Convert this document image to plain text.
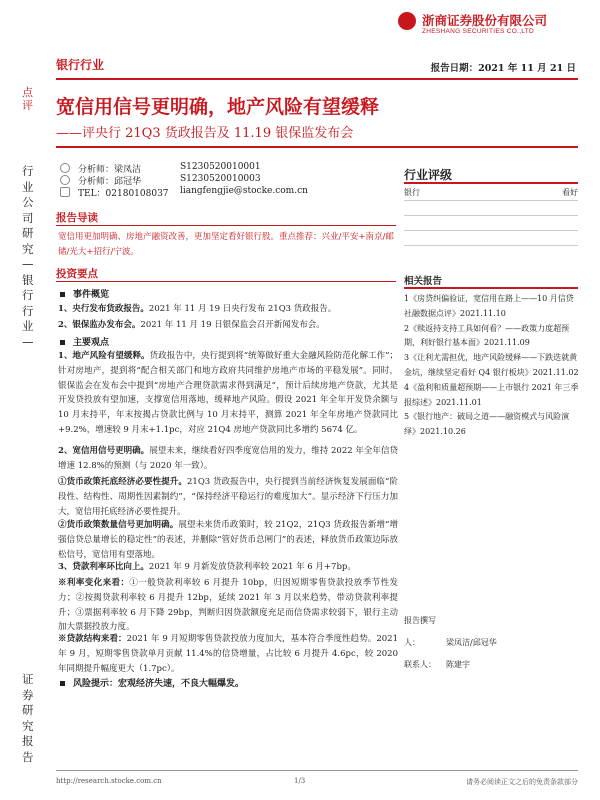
浙商证券股份有限公司
ZHESHANG SECURITIES CO.,LTD
银行行业	报告日期：2021 年 11 月 21 日
点评 宽信用信号更明确，地产风险有望缓释
——评央行 21Q3 货政报告及 11.19 银保监发布会
行业公司研究—银行行业—
证券研究报告
分析师：梁凤洁	S1230520010001
分析师：邱冠华	S1230520010003
TEL：02180108037 liangfengjie@stocke.com.cn
报告导读
宽信用更加明确、房地产融资改善，更加坚定看好银行股。重点推荐：兴业/平安+南京/邮储/光大+招行/宁波。
投资要点
事件概览
1、央行发布货政报告。2021 年 11 月 19 日央行发布 21Q3 货政报告。
2、银保监办发布会。2021 年 11 月 19 日银保监会召开新闻发布会。
主要观点
1、地产风险有望缓释。货政报告中，央行提到将“统筹做好重大金融风险防范化解工作”；针对房地产，提到将“配合相关部门和地方政府共同维护房地产市场的平稳发展”。同时，银保监会在发布会中提到“房地产合理贷款需求得到满足”，预计后续房地产贷款，尤其是开发贷投放有望加速，支撑宽信用落地，缓释地产风险。假设 2021 年全年开发贷余额与 10 月末持平，年末按揭占贷款比例与 10 月末持平，测算 2021 年全年房地产贷款同比+9.2%，增速较 9 月末+1.1pc，对应 21Q4 房地产贷款同比多增约 5674 亿。
2、宽信用信号更明确。展望未来，继续看好四季度宽信用的发力，维持 2022 年全年信贷增速 12.8%的预测（与 2020 年一致）。
①货币政策托底经济必要性提升。21Q3 货政报告中，央行提到当前经济恢复发展面临“阶段性、结构性、周期性因素制约”，“保持经济平稳运行的难度加大”。显示经济下行压力加大，宽信用托底经济必要性提升。
②货币政策数量信号更加明确。展望未来货币政策时，较 21Q2，21Q3 货政报告新增“增强信贷总量增长的稳定性”的表述，并删除“管好货币总闸门”的表述，释放货币政策边际放松信号，宽信用有望落地。
3、贷款利率环比向上。2021 年 9 月新发放贷款利率较 2021 年 6 月+7bp。
※利率变化来看：①一般贷款利率较 6 月提升 10bp，归因短期零售贷款投放季节性发力；②按揭贷款利率较 6 月提升 12bp，延续 2021 年 3 月以来趋势，带动贷款利率提升；③票据利率较 6 月下降 29bp，判断归因贷款额度充足而信贷需求较弱下，银行主动加大票据投放力度。
※贷款结构来看：2021 年 9 月短期零售贷款投放力度加大，基本符合季度性趋势。2021 年 9 月，短期零售贷款单月贡献 11.4%的信贷增量，占比较 6 月提升 4.6pc，较 2020 年同期提升幅度更大（1.7pc）。
风险提示：宏观经济失速，不良大幅爆发。
行业评级
银行	看好
相关报告
1《房贷纠偏验证，宽信用在路上——10 月信贷社融数据点评》2021.11.10
2《赎返持支持工具如何看？——政策力度超预期，利好银行基本面》2021.11.09
3《让利尤需担优，地产风险缓释——下跌迭就黄金坑，继续坚定看好 Q4 银行板块》2021.11.02
4《盈利和质量超预期——上市银行 2021 年三季报综述》2021.11.01
5《银行地产：破局之道——融资模式与风险演绎》2021.10.26
报告撰写人：	梁凤洁/邱冠华
联系人： 陈建宇
http://research.stocke.com.cn	1/3	请务必阅读正文之后的免责条款部分
